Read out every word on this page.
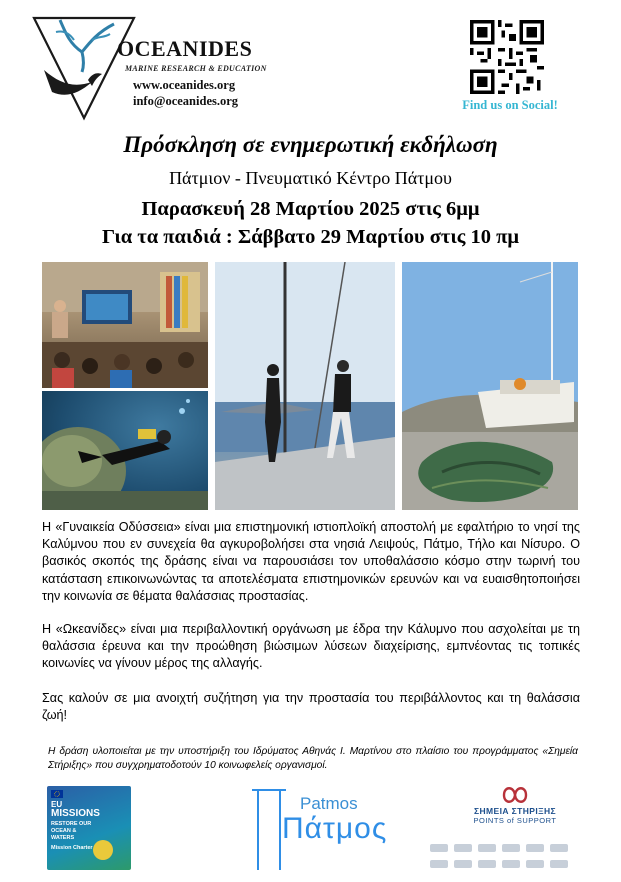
OCEANIDES
MARINE RESEARCH & EDUCATION
www.oceanides.org
info@oceanides.org	Find us on Social!
Πρόσκληση σε ενημερωτική εκδήλωση
Πάτμιον - Πνευματικό Κέντρο Πάτμου
Παρασκευή 28 Μαρτίου 2025 στις 6μμ
Για τα παιδιά : Σάββατο 29 Μαρτίου στις 10 πμ
Η «Γυναικεία Οδύσσεια» είναι μια επιστημονική ιστιοπλοϊκή αποστολή με εφαλτήριο το νησί της Καλύμνου που εν συνεχεία θα αγκυροβολήσει στα νησιά Λειψούς, Πάτμο, Τήλο και Νίσυρο. Ο βασικός σκοπός της δράσης είναι να παρουσιάσει τον υποθαλάσσιο κόσμο στην τωρινή του κατάσταση επικοινωνώντας τα αποτελέσματα επιστημονικών ερευνών και να ευαισθητοποιήσει την κοινωνία σε θέματα θαλάσσιας προστασίας.
Η «Ωκεανίδες» είναι μια περιβαλλοντική οργάνωση με έδρα την Κάλυμνο που ασχολείται με τη θαλάσσια έρευνα και την προώθηση βιώσιμων λύσεων διαχείρισης, εμπνέοντας τις τοπικές κοινωνίες να γίνουν μέρος της αλλαγής.
Σας καλούν σε μια ανοιχτή συζήτηση για την προστασία του περιβάλλοντος και τη θαλάσσια ζωή!
Η δράση υλοποιείται με την υποστήριξη του Ιδρύματος Αθηνάς Ι. Μαρτίνου στο πλαίσιο του προγράμματος «Σημεία Στήριξης» που συγχρηματοδοτούν 10 κοινωφελείς οργανισμοί.
EU
MISSIONS
RESTORE OUR OCEAN & WATERS
Mission Charter
Patmos
Πάτμος
ΣΗΜΕΙΑ ΣΤΗΡΙΞΗΣ
POINTS of SUPPORT
